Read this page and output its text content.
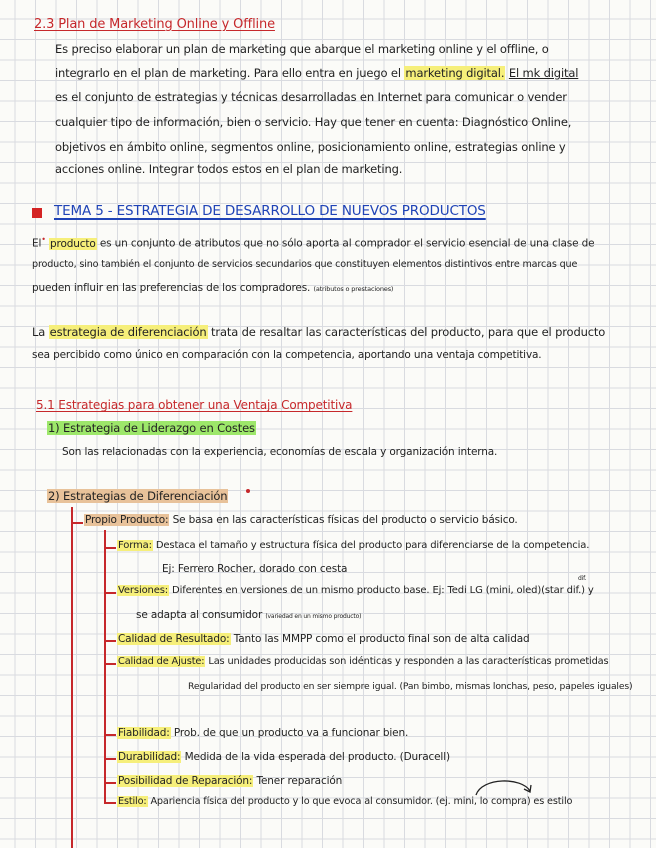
2.3 Plan de Marketing Online y Offline
Es preciso elaborar un plan de marketing que abarque el marketing online y el offline, o
integrarlo en el plan de marketing. Para ello entra en juego el marketing digital. El mk digital
es el conjunto de estrategias y técnicas desarrolladas en Internet para comunicar o vender
cualquier tipo de información, bien o servicio. Hay que tener en cuenta: Diagnóstico Online,
objetivos en ámbito online, segmentos online, posicionamiento online, estrategias online y
acciones online. Integrar todos estos en el plan de marketing.
TEMA 5 - ESTRATEGIA DE DESARROLLO DE NUEVOS PRODUCTOS
El• producto es un conjunto de atributos que no sólo aporta al comprador el servicio esencial de una clase de
producto, sino también el conjunto de servicios secundarios que constituyen elementos distintivos entre marcas que
pueden influir en las preferencias de los compradores. (atributos o prestaciones)
La estrategia de diferenciación trata de resaltar las características del producto, para que el producto
sea percibido como único en comparación con la competencia, aportando una ventaja competitiva.
5.1 Estrategias para obtener una Ventaja Competitiva
1) Estrategia de Liderazgo en Costes
Son las relacionadas con la experiencia, economías de escala y organización interna.
2) Estrategias de Diferenciación
Propio Producto: Se basa en las características físicas del producto o servicio básico.
Forma: Destaca el tamaño y estructura física del producto para diferenciarse de la competencia.
Ej: Ferrero Rocher, dorado con cesta
Versiones: Diferentes en versiones de un mismo producto base. Ej: Tedi LG (mini, oled)(star dif.) y
dif.
se adapta al consumidor (variedad en un mismo producto)
Calidad de Resultado: Tanto las MMPP como el producto final son de alta calidad
Calidad de Ajuste: Las unidades producidas son idénticas y responden a las características prometidas
Regularidad del producto en ser siempre igual. (Pan bimbo, mismas lonchas, peso, papeles iguales)
Fiabilidad: Prob. de que un producto va a funcionar bien.
Durabilidad: Medida de la vida esperada del producto. (Duracell)
Posibilidad de Reparación: Tener reparación
Estilo: Apariencia física del producto y lo que evoca al consumidor. (ej. mini, lo compra) es estilo
